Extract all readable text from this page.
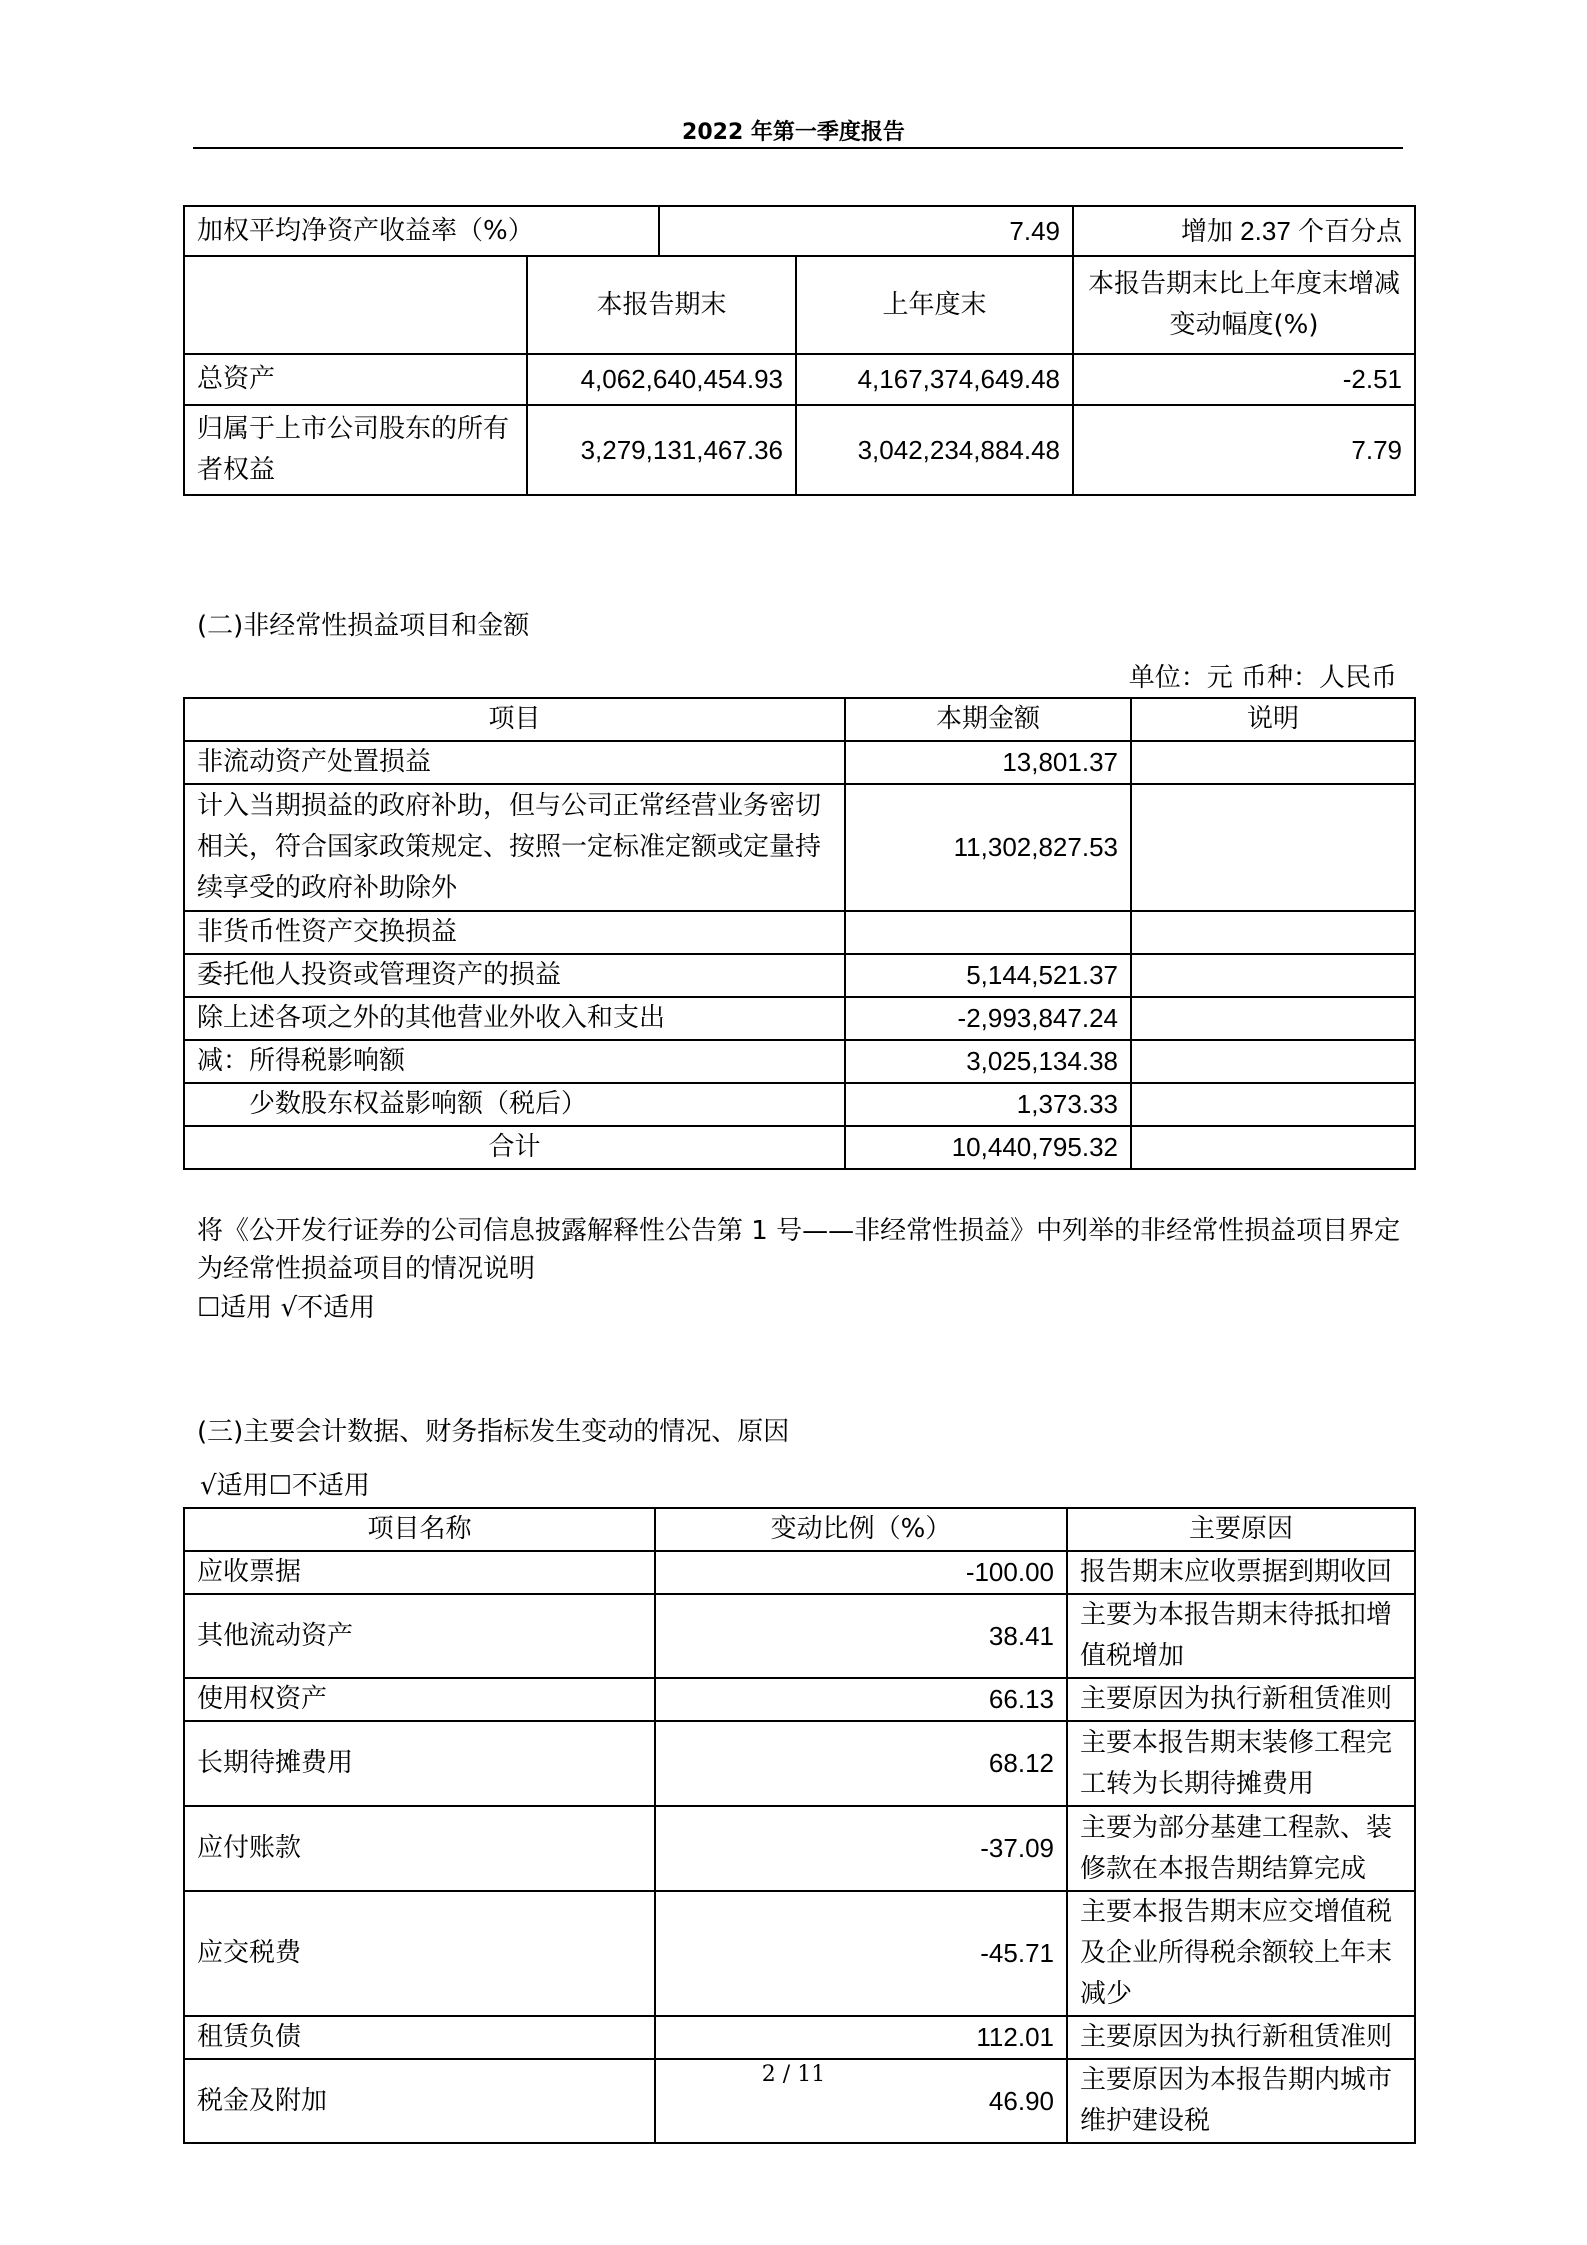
2022 年第一季度报告
加权平均净资产收益率（%）		7.49		增加 2.37 个百分点
	本报告期末		上年度末	本报告期末比上年度末增减变动幅度(%)
总资产	4,062,640,454.93		4,167,374,649.48	-2.51
归属于上市公司股东的所有者权益	3,279,131,467.36		3,042,234,884.48	7.79
(二)非经常性损益项目和金额
单位：元 币种：人民币
项目	本期金额	说明
非流动资产处置损益	13,801.37	
计入当期损益的政府补助，但与公司正常经营业务密切相关，符合国家政策规定、按照一定标准定额或定量持续享受的政府补助除外	11,302,827.53	
非货币性资产交换损益		
委托他人投资或管理资产的损益	5,144,521.37	
除上述各项之外的其他营业外收入和支出	-2,993,847.24	
减：所得税影响额	3,025,134.38	
少数股东权益影响额（税后）	1,373.33	
合计	10,440,795.32	
将《公开发行证券的公司信息披露解释性公告第 1 号——非经常性损益》中列举的非经常性损益项目界定为经常性损益项目的情况说明
☐适用 √不适用
(三)主要会计数据、财务指标发生变动的情况、原因
√适用☐不适用
项目名称	变动比例（%）	主要原因
应收票据	-100.00	报告期末应收票据到期收回
其他流动资产	38.41	主要为本报告期末待抵扣增值税增加
使用权资产	66.13	主要原因为执行新租赁准则
长期待摊费用	68.12	主要本报告期末装修工程完工转为长期待摊费用
应付账款	-37.09	主要为部分基建工程款、装修款在本报告期结算完成
应交税费	-45.71	主要本报告期末应交增值税及企业所得税余额较上年末减少
租赁负债	112.01	主要原因为执行新租赁准则
税金及附加	46.90	主要原因为本报告期内城市维护建设税
2 / 11
